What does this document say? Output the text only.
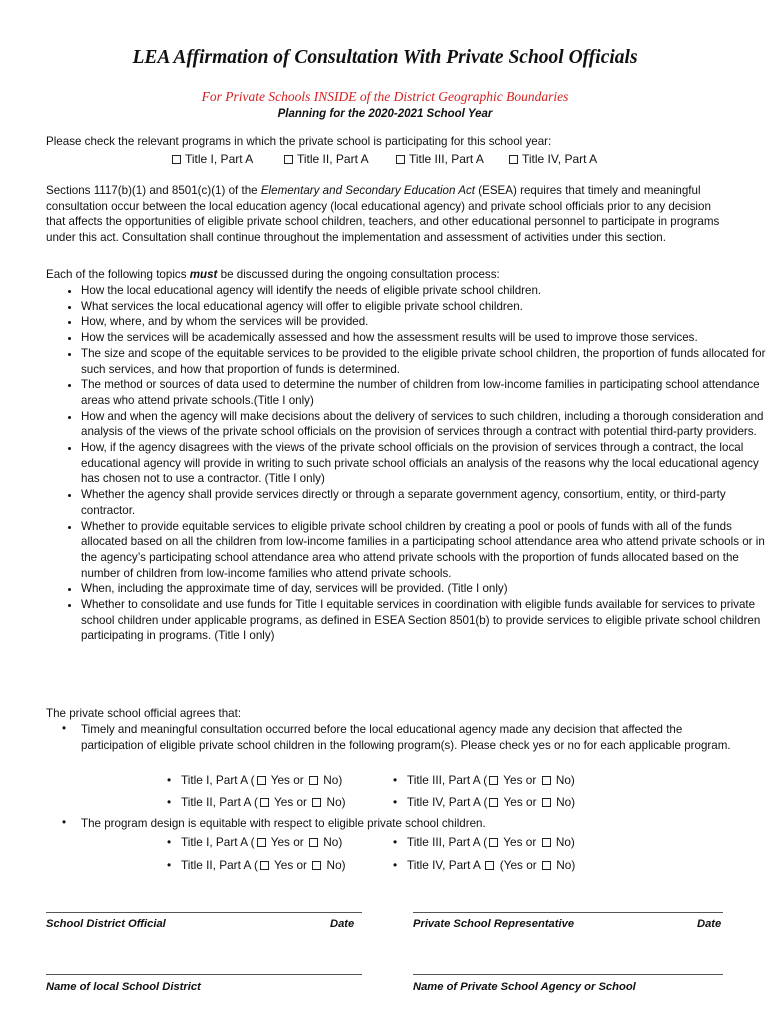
LEA Affirmation of Consultation With Private School Officials
For Private Schools INSIDE of the District Geographic Boundaries
Planning for the 2020-2021 School Year
Please check the relevant programs in which the private school is participating for this school year:
Title I, Part A	Title II, Part A	Title III, Part A	Title IV, Part A
Sections 1117(b)(1) and 8501(c)(1) of the Elementary and Secondary Education Act (ESEA) requires that timely and meaningful consultation occur between the local education agency (local educational agency) and private school officials prior to any decision that affects the opportunities of eligible private school children, teachers, and other educational personnel to participate in programs under this act. Consultation shall continue throughout the implementation and assessment of activities under this section.
Each of the following topics must be discussed during the ongoing consultation process:
• How the local educational agency will identify the needs of eligible private school children.
• What services the local educational agency will offer to eligible private school children.
• How, where, and by whom the services will be provided.
• How the services will be academically assessed and how the assessment results will be used to improve those services.
• The size and scope of the equitable services to be provided to the eligible private school children, the proportion of funds allocated for such services, and how that proportion of funds is determined.
• The method or sources of data used to determine the number of children from low-income families in participating school attendance areas who attend private schools.(Title I only)
• How and when the agency will make decisions about the delivery of services to such children, including a thorough consideration and analysis of the views of the private school officials on the provision of services through a contract with potential third-party providers.
• How, if the agency disagrees with the views of the private school officials on the provision of services through a contract, the local educational agency will provide in writing to such private school officials an analysis of the reasons why the local educational agency has chosen not to use a contractor. (Title I only)
• Whether the agency shall provide services directly or through a separate government agency, consortium, entity, or third-party contractor.
• Whether to provide equitable services to eligible private school children by creating a pool or pools of funds with all of the funds allocated based on all the children from low-income families in a participating school attendance area who attend private schools or in the agency’s participating school attendance area who attend private schools with the proportion of funds allocated based on the number of children from low-income families who attend private schools.
• When, including the approximate time of day, services will be provided. (Title I only)
• Whether to consolidate and use funds for Title I equitable services in coordination with eligible funds available for services to private school children under applicable programs, as defined in ESEA Section 8501(b) to provide services to eligible private school children participating in programs. (Title I only)
The private school official agrees that:
• Timely and meaningful consultation occurred before the local educational agency made any decision that affected the participation of eligible private school children in the following program(s). Please check yes or no for each applicable program.
•   Title I, Part A ( Yes or No)	•   Title III, Part A ( Yes or No)
•   Title II, Part A ( Yes or No)	•   Title IV, Part A ( Yes or No)
• The program design is equitable with respect to eligible private school children.
•   Title I, Part A ( Yes or No)	•   Title III, Part A ( Yes or No)
•   Title II, Part A ( Yes or No)	•   Title IV, Part A (Yes or No)
School District Official	Date	Private School Representative	Date
Name of local School District	Name of Private School Agency or School
